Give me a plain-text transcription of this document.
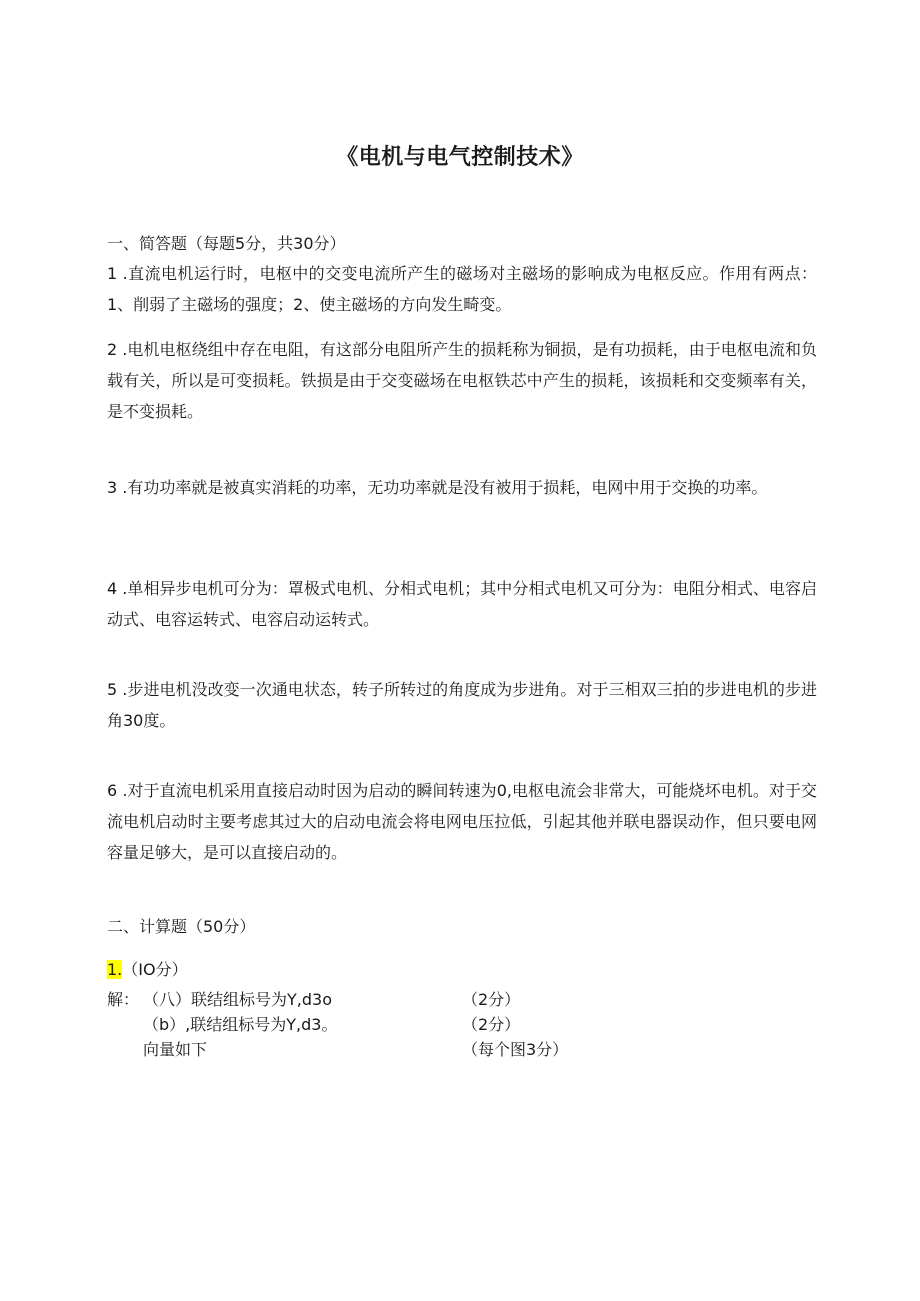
《电机与电气控制技术》
一、简答题（每题5分，共30分）
1 .直流电机运行时，电枢中的交变电流所产生的磁场对主磁场的影响成为电枢反应。作用有两点：1、削弱了主磁场的强度；2、使主磁场的方向发生畸变。
2 .电机电枢绕组中存在电阻，有这部分电阻所产生的损耗称为铜损，是有功损耗，由于电枢电流和负载有关，所以是可变损耗。铁损是由于交变磁场在电枢铁芯中产生的损耗，该损耗和交变频率有关，是不变损耗。
3 .有功功率就是被真实消耗的功率，无功功率就是没有被用于损耗，电网中用于交换的功率。
4 .单相异步电机可分为：罩极式电机、分相式电机；其中分相式电机又可分为：电阻分相式、电容启动式、电容运转式、电容启动运转式。
5 .步进电机没改变一次通电状态，转子所转过的角度成为步进角。对于三相双三拍的步进电机的步进角30度。
6 .对于直流电机采用直接启动时因为启动的瞬间转速为0,电枢电流会非常大，可能烧坏电机。对于交流电机启动时主要考虑其过大的启动电流会将电网电压拉低，引起其他并联电器误动作，但只要电网容量足够大，是可以直接启动的。
二、计算题（50分）
1.（IO分）
解： （八）联结组标号为Y,d3o	（2分）
（b）,联结组标号为Y,d3。	（2分）
向量如下	（每个图3分）
